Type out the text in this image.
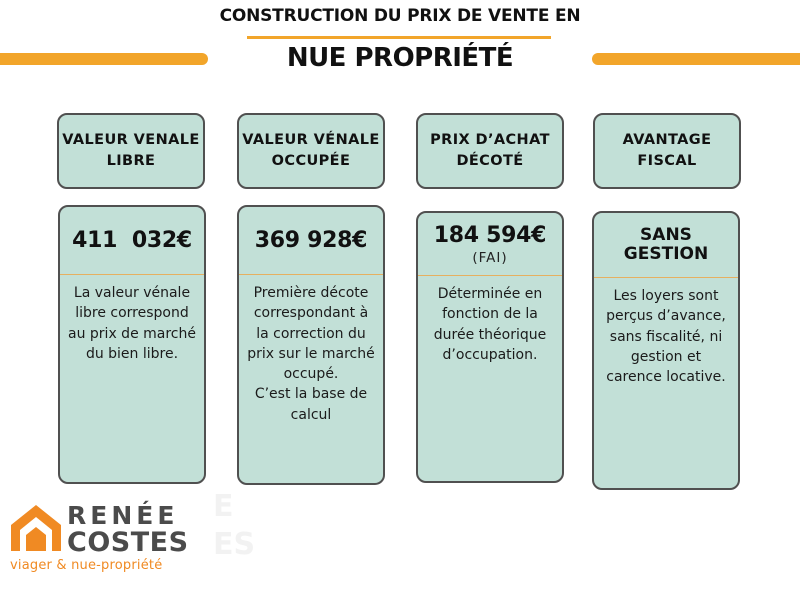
CONSTRUCTION DU PRIX DE VENTE EN
NUE PROPRIÉTÉ
VALEUR VENALE
LIBRE
VALEUR VÉNALE
OCCUPÉE
PRIX D’ACHAT
DÉCOTÉ
AVANTAGE
FISCAL
411  032€
La valeur vénale
libre correspond
au prix de marché
du bien libre.
369 928€
Première décote
correspondant à
la correction du
prix sur le marché
occupé.
C’est la base de
calcul
184 594€
(FAI)
Déterminée en
fonction de la
durée théorique
d’occupation.
SANS
GESTION
Les loyers sont
perçus d’avance,
sans fiscalité, ni
gestion et
carence locative.
E
ES
RENÉE
COSTES
viager & nue-propriété
